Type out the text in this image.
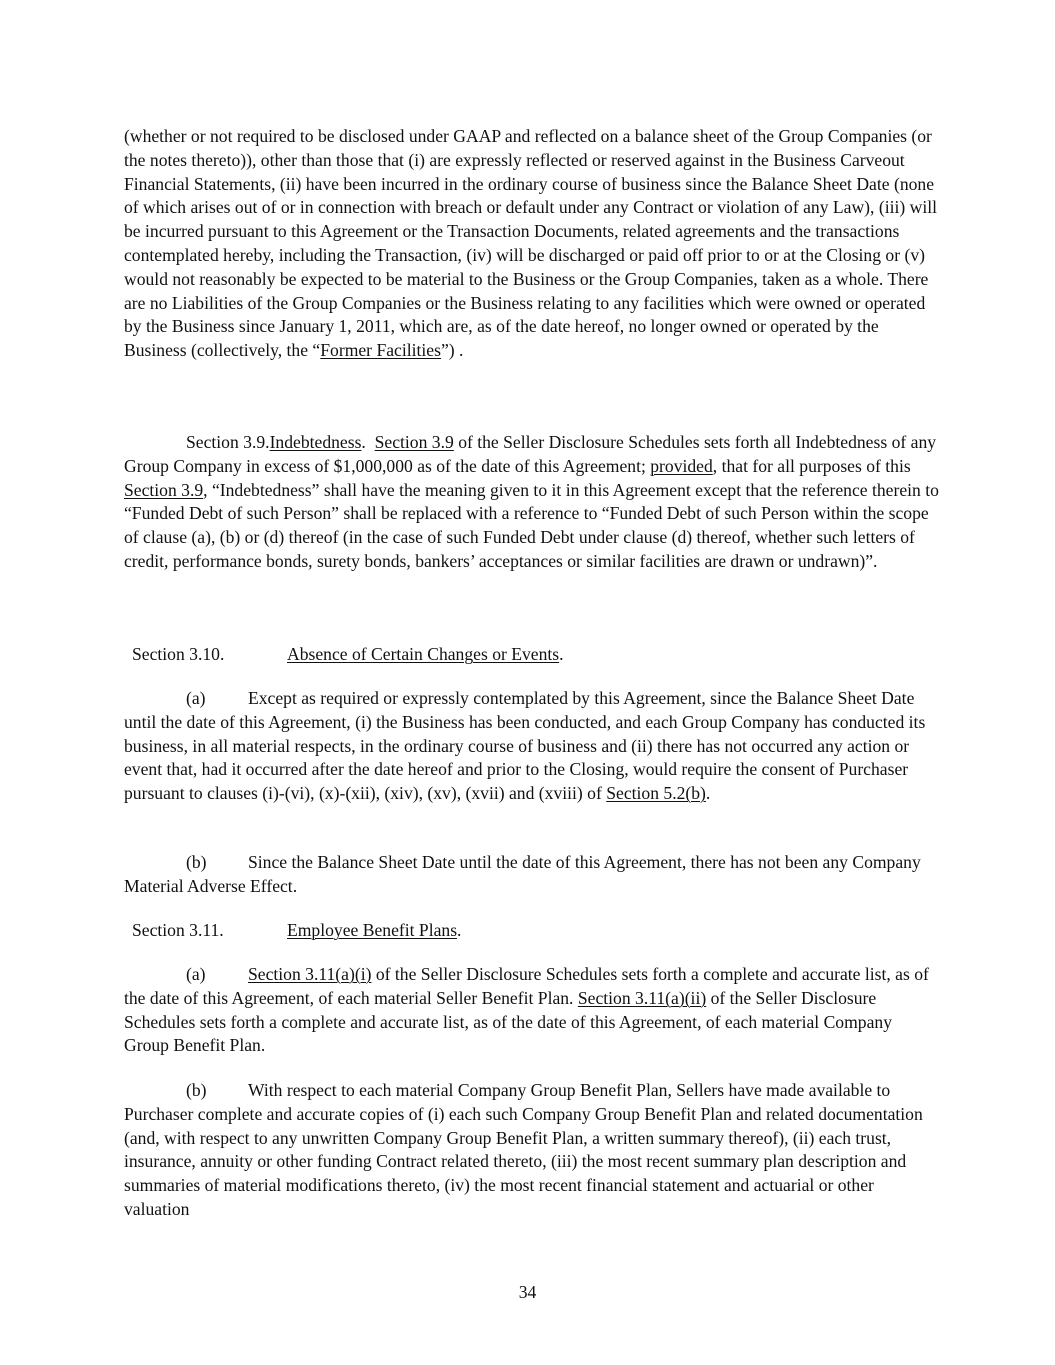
(whether or not required to be disclosed under GAAP and reflected on a balance sheet of the Group Companies (or the notes thereto)), other than those that (i) are expressly reflected or reserved against in the Business Carveout Financial Statements, (ii) have been incurred in the ordinary course of business since the Balance Sheet Date (none of which arises out of or in connection with breach or default under any Contract or violation of any Law), (iii) will be incurred pursuant to this Agreement or the Transaction Documents, related agreements and the transactions contemplated hereby, including the Transaction, (iv) will be discharged or paid off prior to or at the Closing or (v) would not reasonably be expected to be material to the Business or the Group Companies, taken as a whole. There are no Liabilities of the Group Companies or the Business relating to any facilities which were owned or operated by the Business since January 1, 2011, which are, as of the date hereof, no longer owned or operated by the Business (collectively, the “Former Facilities”) .

Section 3.9.Indebtedness. Section 3.9 of the Seller Disclosure Schedules sets forth all Indebtedness of any Group Company in excess of $1,000,000 as of the date of this Agreement; provided, that for all purposes of this Section 3.9, “Indebtedness” shall have the meaning given to it in this Agreement except that the reference therein to “Funded Debt of such Person” shall be replaced with a reference to “Funded Debt of such Person within the scope of clause (a), (b) or (d) thereof (in the case of such Funded Debt under clause (d) thereof, whether such letters of credit, performance bonds, surety bonds, bankers’ acceptances or similar facilities are drawn or undrawn)”.

Section 3.10.	Absence of Certain Changes or Events.

(a) Except as required or expressly contemplated by this Agreement, since the Balance Sheet Date until the date of this Agreement, (i) the Business has been conducted, and each Group Company has conducted its business, in all material respects, in the ordinary course of business and (ii) there has not occurred any action or event that, had it occurred after the date hereof and prior to the Closing, would require the consent of Purchaser pursuant to clauses (i)-(vi), (x)-(xii), (xiv), (xv), (xvii) and (xviii) of Section 5.2(b).

(b) Since the Balance Sheet Date until the date of this Agreement, there has not been any Company Material Adverse Effect.

Section 3.11.	Employee Benefit Plans.

(a) Section 3.11(a)(i) of the Seller Disclosure Schedules sets forth a complete and accurate list, as of the date of this Agreement, of each material Seller Benefit Plan. Section 3.11(a)(ii) of the Seller Disclosure Schedules sets forth a complete and accurate list, as of the date of this Agreement, of each material Company Group Benefit Plan.

(b) With respect to each material Company Group Benefit Plan, Sellers have made available to Purchaser complete and accurate copies of (i) each such Company Group Benefit Plan and related documentation (and, with respect to any unwritten Company Group Benefit Plan, a written summary thereof), (ii) each trust, insurance, annuity or other funding Contract related thereto, (iii) the most recent summary plan description and summaries of material modifications thereto, (iv) the most recent financial statement and actuarial or other valuation

34
